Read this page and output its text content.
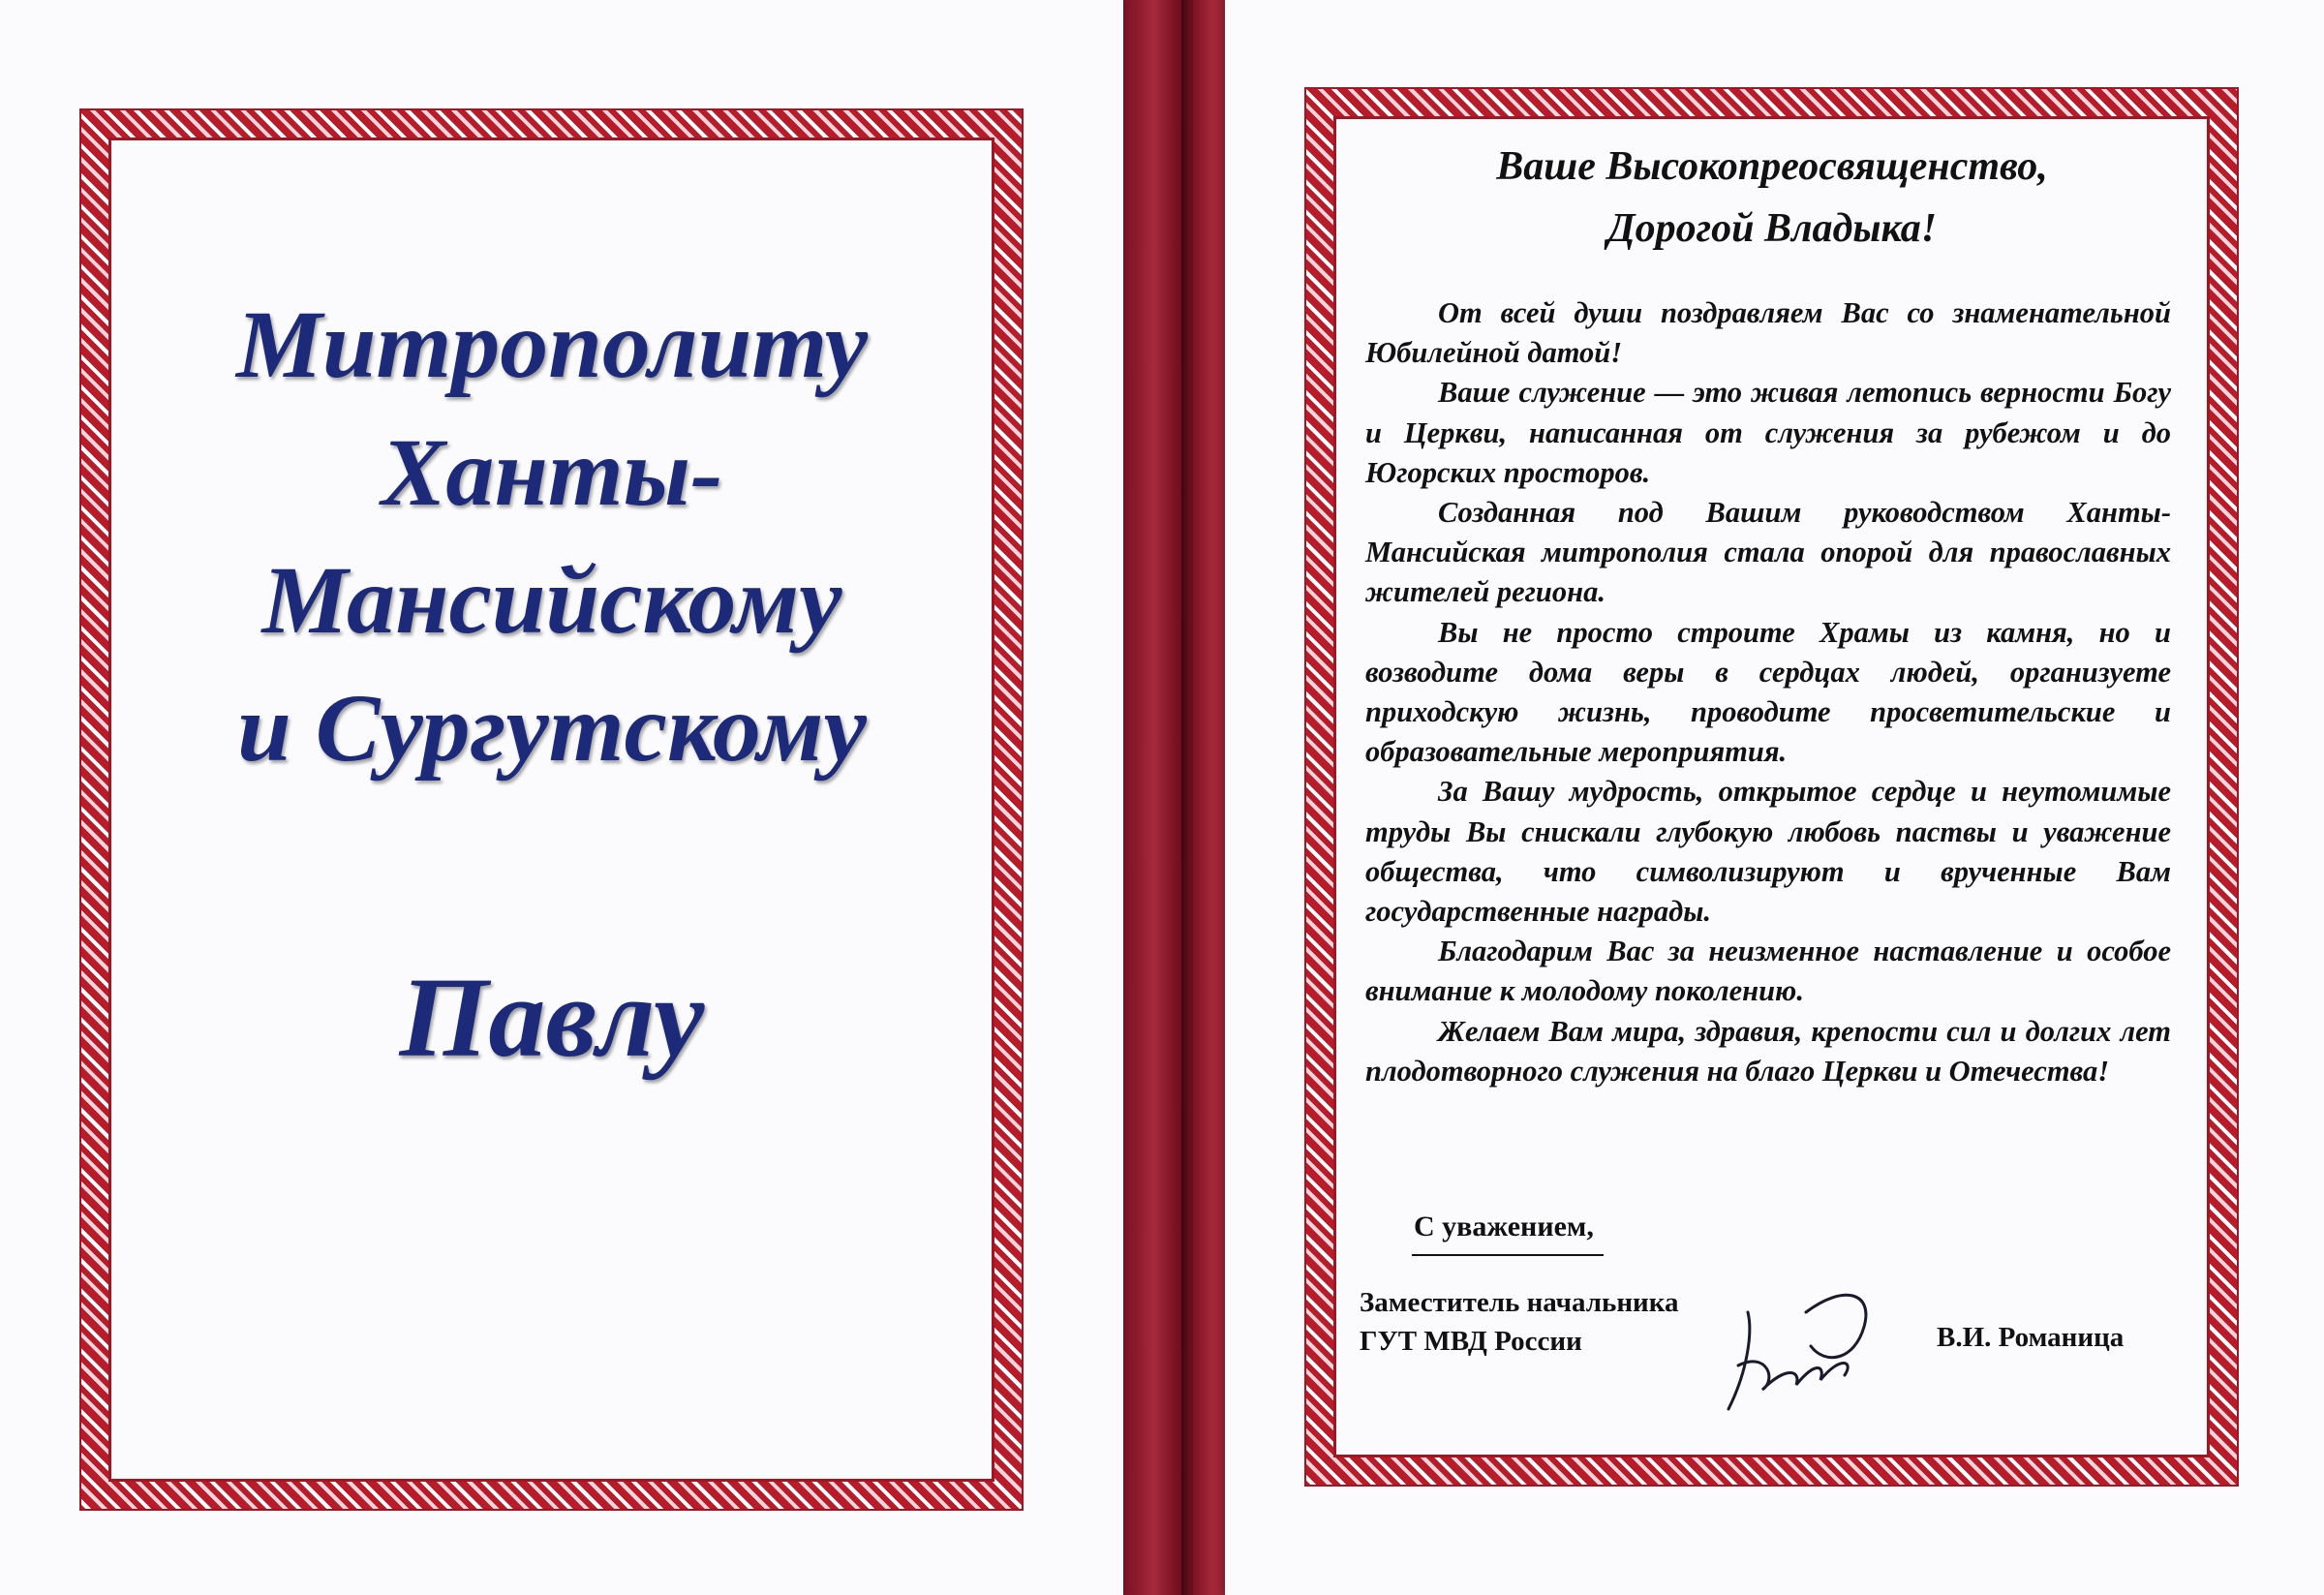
Митрополиту
Ханты-
Мансийскому
и Сургутскому
Павлу
Ваше Высокопреосвященство,
Дорогой Владыка!

От всей души поздравляем Вас со знаменательной Юбилейной датой!

Ваше служение — это живая летопись верности Богу и Церкви, написанная от служения за рубежом и до Югорских просторов.

Созданная под Вашим руководством Ханты-Мансийская митрополия стала опорой для православных жителей региона.

Вы не просто строите Храмы из камня, но и возводите дома веры в сердцах людей, организуете приходскую жизнь, проводите просветительские и образовательные мероприятия.

За Вашу мудрость, открытое сердце и неутомимые труды Вы снискали глубокую любовь паствы и уважение общества, что символизируют и врученные Вам государственные награды.

Благодарим Вас за неизменное наставление и особое внимание к молодому поколению.

Желаем Вам мира, здравия, крепости сил и долгих лет плодотворного служения на благо Церкви и Отечества!

С уважением,
Заместитель начальника
ГУТ МВД России	В.И. Романица
